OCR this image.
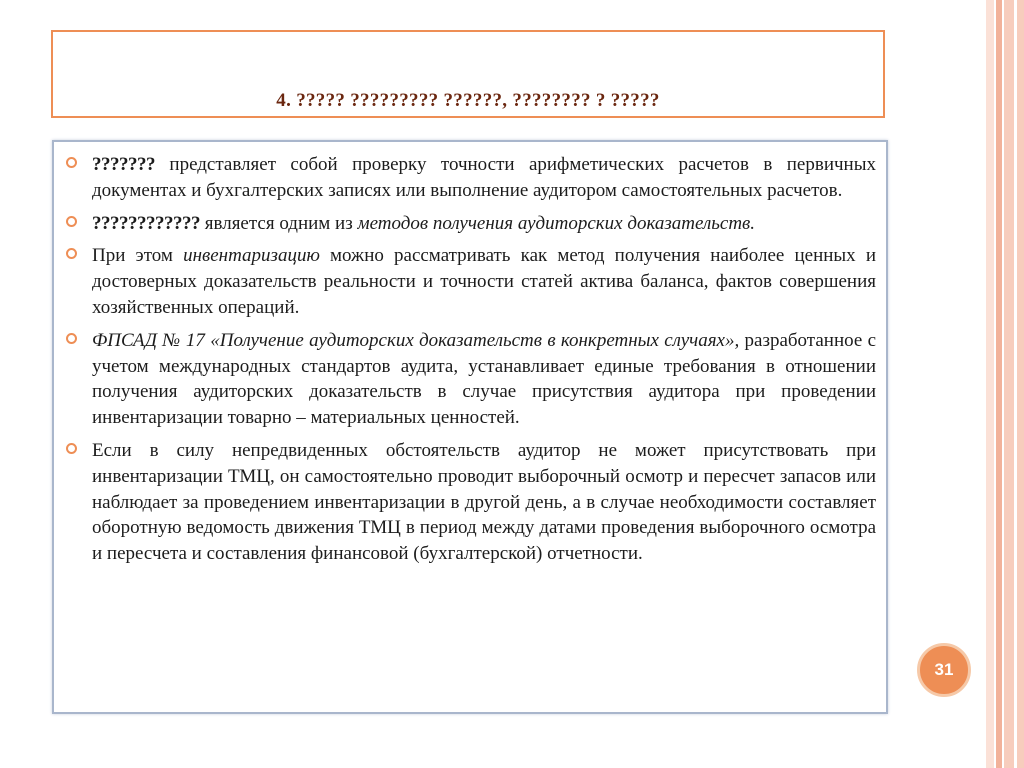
4. ????? ????????? ??????, ???????? ? ?????
??????? представляет собой проверку точности арифметических расчетов в первичных документах и бухгалтерских записях или выполнение аудитором самостоятельных расчетов.
???????????? является одним из методов получения аудиторских доказательств.
При этом инвентаризацию можно рассматривать как метод получения наиболее ценных и достоверных доказательств реальности и точности статей актива баланса, фактов совершения хозяйственных операций.
ФПСАД № 17 «Получение аудиторских доказательств в конкретных случаях», разработанное с учетом международных стандартов аудита, устанавливает единые требования в отношении получения аудиторских доказательств в случае присутствия аудитора при проведении инвентаризации товарно – материальных ценностей.
Если в силу непредвиденных обстоятельств аудитор не может присутствовать при инвентаризации ТМЦ, он самостоятельно проводит выборочный осмотр и пересчет запасов или наблюдает за проведением инвентаризации в другой день, а в случае необходимости составляет оборотную ведомость движения ТМЦ в период между датами проведения выборочного осмотра и пересчета и составления финансовой (бухгалтерской) отчетности.
31
